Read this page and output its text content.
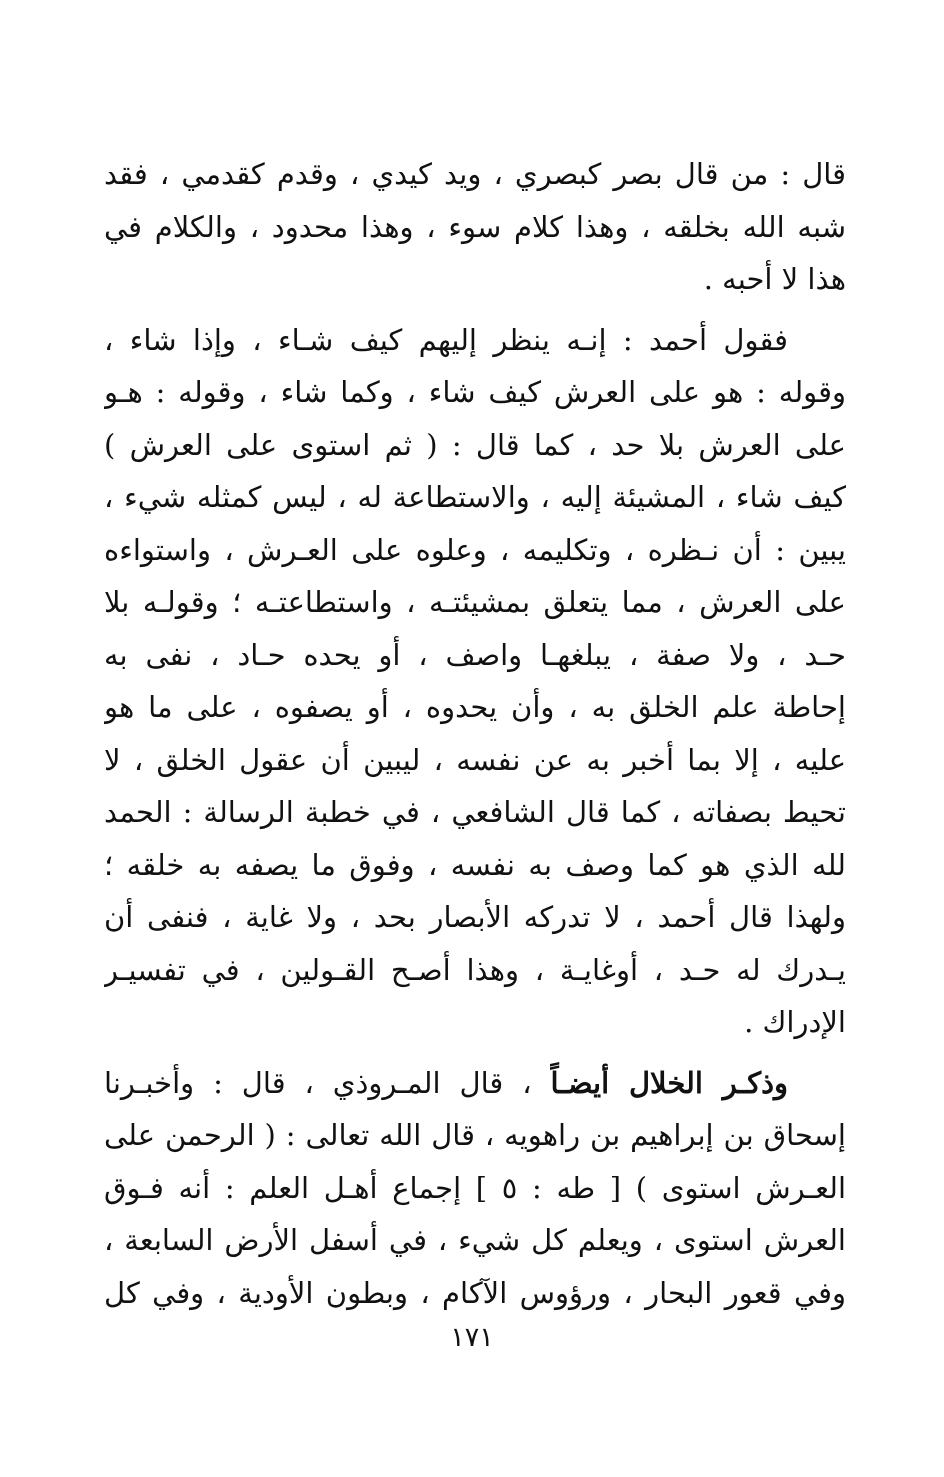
قال : من قال بصر كبصري ، ويد كيدي ، وقدم كقدمي ، فقد
شبه الله بخلقه ، وهذا كلام سوء ، وهذا محدود ، والكلام في
هذا لا أحبه .
فقول أحمد : إنـه ينظر إليهم كيف شـاء ، وإذا شاء ،
وقوله : هو على العرش كيف شاء ، وكما شاء ، وقوله : هـو
على العرش بلا حد ، كما قال : ( ثم استوى على العرش )
كيف شاء ، المشيئة إليه ، والاستطاعة له ، ليس كمثله شيء ،
يبين : أن نـظره ، وتكليمه ، وعلوه على العـرش ، واستواءه
على العرش ، مما يتعلق بمشيئتـه ، واستطاعتـه ؛ وقولـه بلا
حـد ، ولا صفة ، يبلغهـا واصف ، أو يحده حـاد ، نفى به
إحاطة علم الخلق به ، وأن يحدوه ، أو يصفوه ، على ما هو
عليه ، إلا بما أخبر به عن نفسه ، ليبين أن عقول الخلق ، لا
تحيط بصفاته ، كما قال الشافعي ، في خطبة الرسالة : الحمد
لله الذي هو كما وصف به نفسه ، وفوق ما يصفه به خلقه ؛
ولهذا قال أحمد ، لا تدركه الأبصار بحد ، ولا غاية ، فنفى أن
يـدرك له حـد ، أوغايـة ، وهذا أصـح القـولين ، في تفسيـر
الإدراك .
وذكـر الخلال أيضـاً ، قال المـروذي ، قال : وأخبـرنا
إسحاق بن إبراهيم بن راهويه ، قال الله تعالى : ( الرحمن على
العـرش استوى ) [ طه : ٥ ] إجماع أهـل العلم : أنه فـوق
العرش استوى ، ويعلم كل شيء ، في أسفل الأرض السابعة ،
وفي قعور البحار ، ورؤوس الآكام ، وبطون الأودية ، وفي كل
١٧١
